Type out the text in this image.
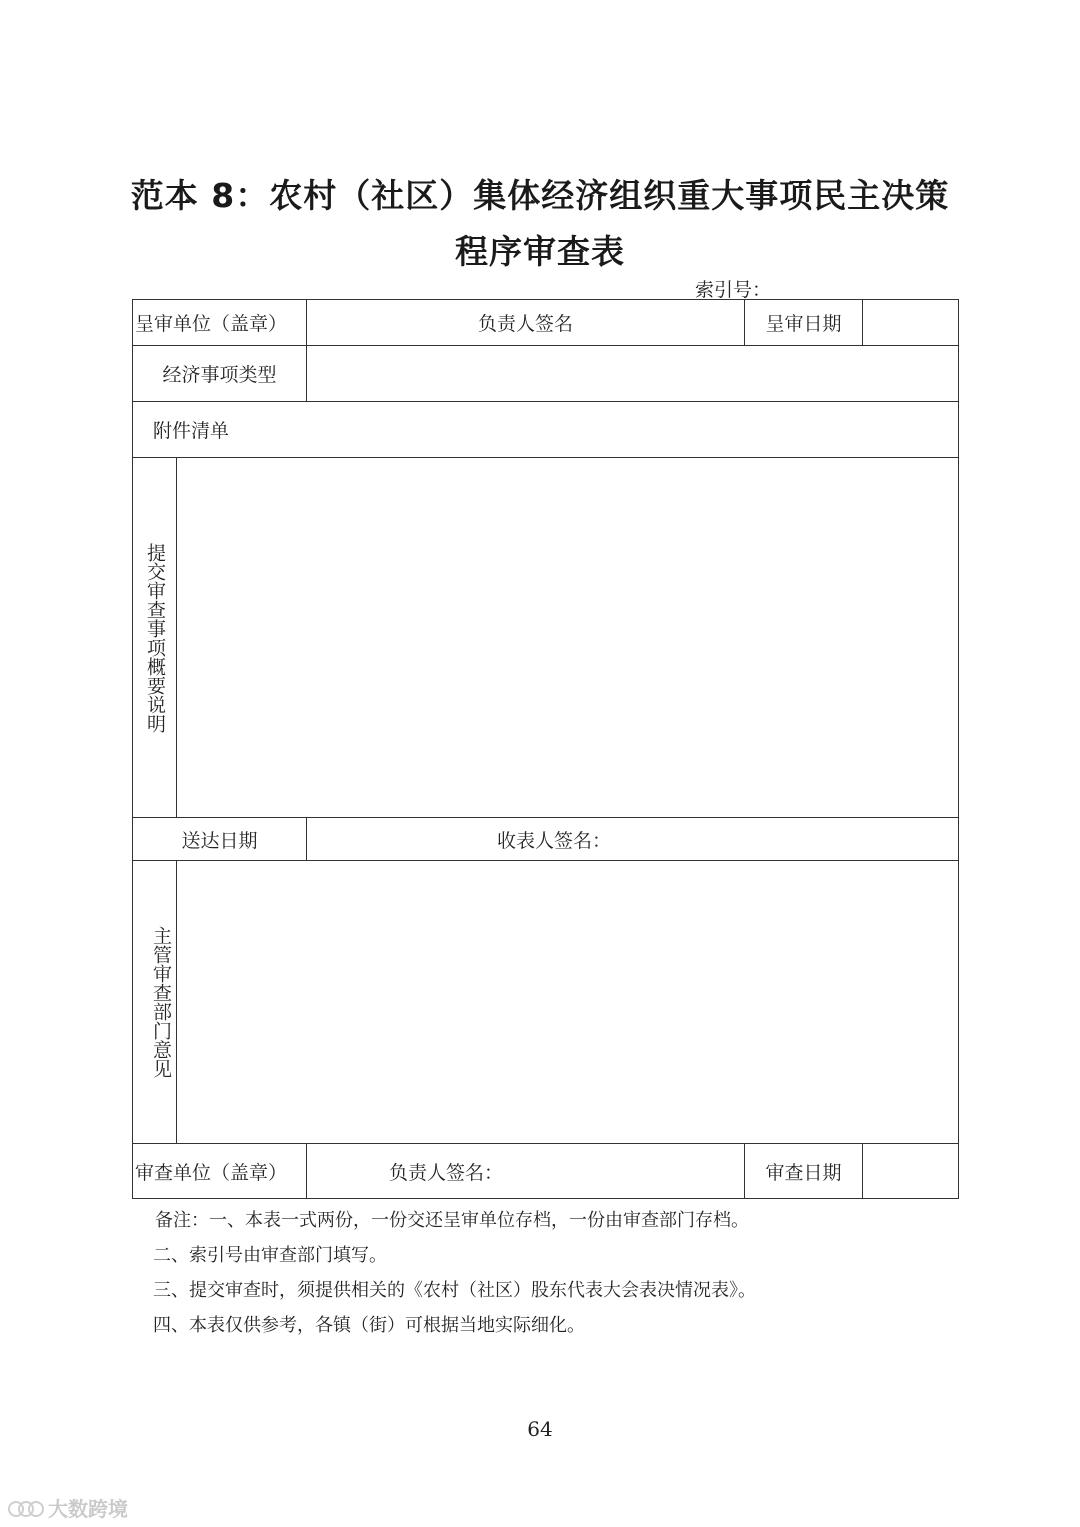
范本 8：农村（社区）集体经济组织重大事项民主决策
程序审查表
索引号：
呈审单位（盖章）		负责人签名	呈审日期	
经济事项类型				
附件清单				

提交审查事项概要说明				

送达日期		收表人签名：		

主管审查部门意见				

审查单位（盖章）		负责人签名：	审查日期	
备注：一、本表一式两份，一份交还呈审单位存档，一份由审查部门存档。
二、索引号由审查部门填写。
三、提交审查时，须提供相关的《农村（社区）股东代表大会表决情况表》。
四、本表仅供参考，各镇（街）可根据当地实际细化。
64
大数跨境
